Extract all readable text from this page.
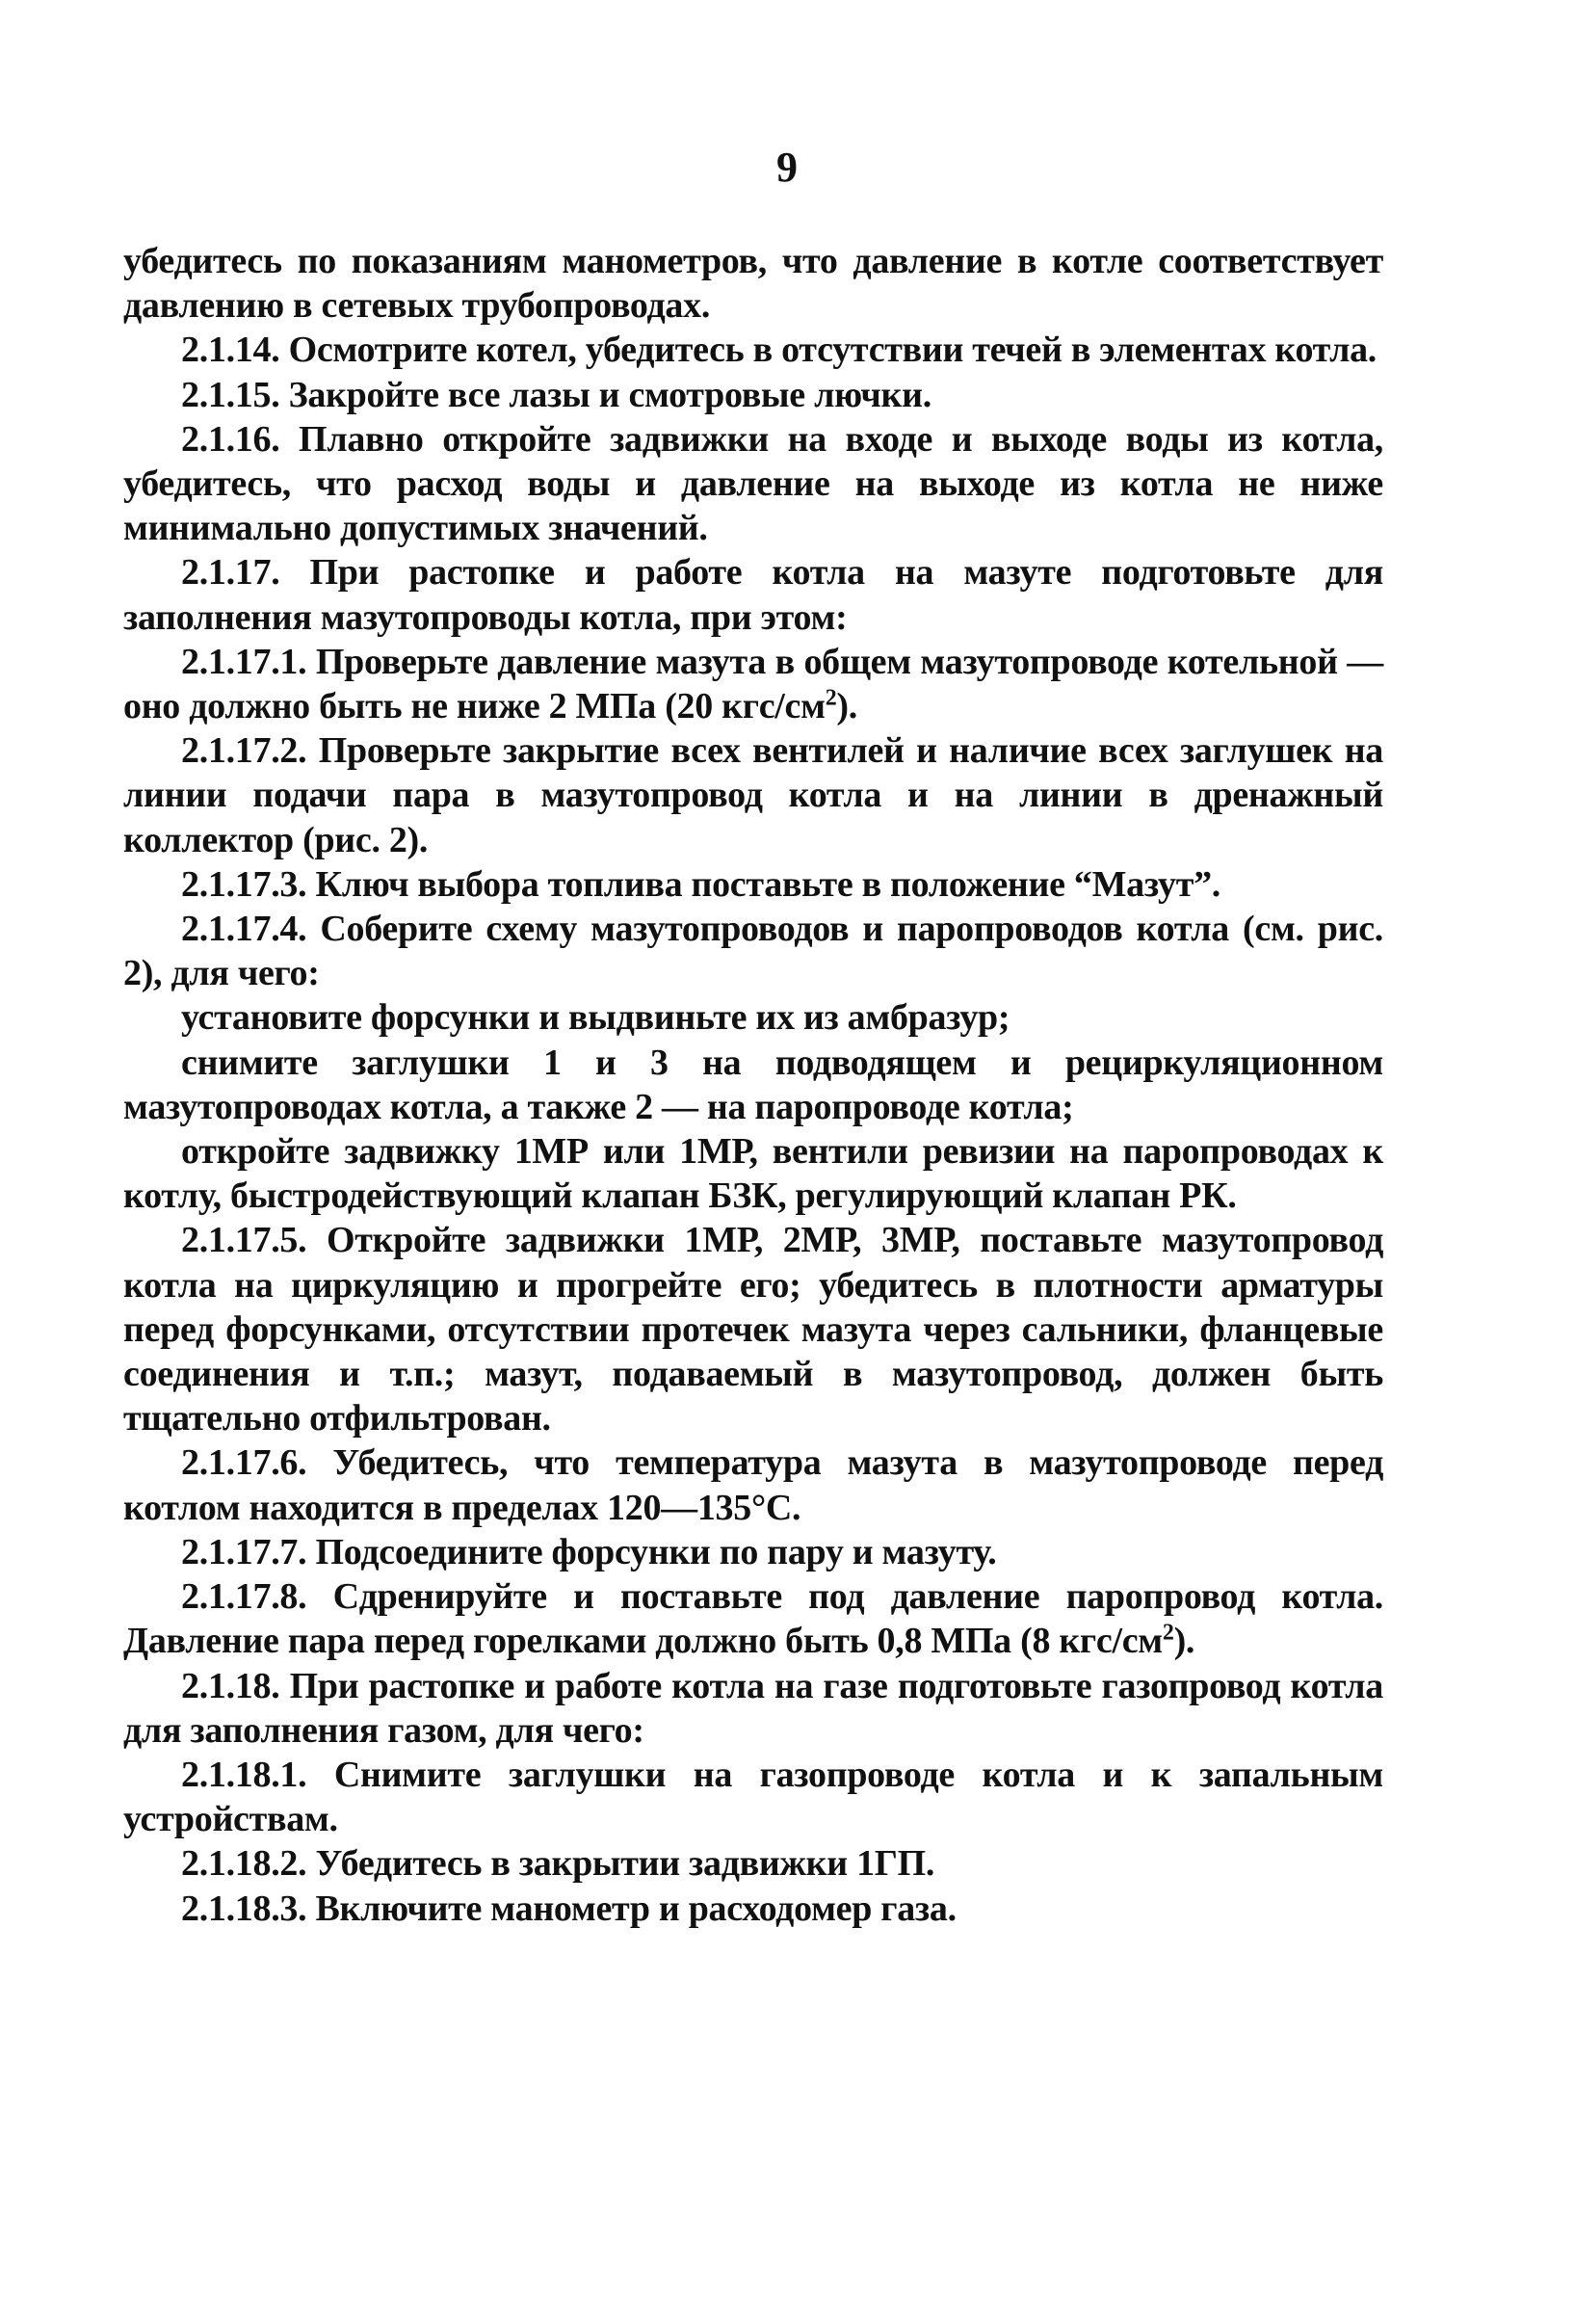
9

убедитесь по показаниям манометров, что давление в котле соответствует давлению в сетевых трубопроводах.

2.1.14. Осмотрите котел, убедитесь в отсутствии течей в элементах котла.

2.1.15. Закройте все лазы и смотровые лючки.

2.1.16. Плавно откройте задвижки на входе и выходе воды из котла, убедитесь, что расход воды и давление на выходе из котла не ниже минимально допустимых значений.

2.1.17. При растопке и работе котла на мазуте подготовьте для заполнения мазутопроводы котла, при этом:

2.1.17.1. Проверьте давление мазута в общем мазутопроводе котельной — оно должно быть не ниже 2 МПа (20 кгс/$см^2$).

2.1.17.2. Проверьте закрытие всех вентилей и наличие всех заглушек на линии подачи пара в мазутопровод котла и на линии в дренажный коллектор (рис. 2).

2.1.17.3. Ключ выбора топлива поставьте в положение “Мазут”.

2.1.17.4. Соберите схему мазутопроводов и паропроводов котла (см. рис. 2), для чего:

установите форсунки и выдвиньте их из амбразур;

снимите заглушки 1 и 3 на подводящем и рециркуляционном мазутопроводах котла, а также 2 — на паропроводе котла;

откройте задвижку 1МР или 1МР, вентили ревизии на паропроводах к котлу, быстродействующий клапан БЗК, регулирующий клапан РК.

2.1.17.5. Откройте задвижки 1МР, 2МР, 3МР, поставьте мазутопровод котла на циркуляцию и прогрейте его; убедитесь в плотности арматуры перед форсунками, отсутствии протечек мазута через сальники, фланцевые соединения и т.п.; мазут, подаваемый в мазутопровод, должен быть тщательно отфильтрован.

2.1.17.6. Убедитесь, что температура мазута в мазутопроводе перед котлом находится в пределах 120—135°С.

2.1.17.7. Подсоедините форсунки по пару и мазуту.

2.1.17.8. Сдренируйте и поставьте под давление паропровод котла. Давление пара перед горелками должно быть 0,8 МПа (8 кгс/$см^2$).

2.1.18. При растопке и работе котла на газе подготовьте газопровод котла для заполнения газом, для чего:

2.1.18.1. Снимите заглушки на газопроводе котла и к запальным устройствам.

2.1.18.2. Убедитесь в закрытии задвижки 1ГП.

2.1.18.3. Включите манометр и расходомер газа.
